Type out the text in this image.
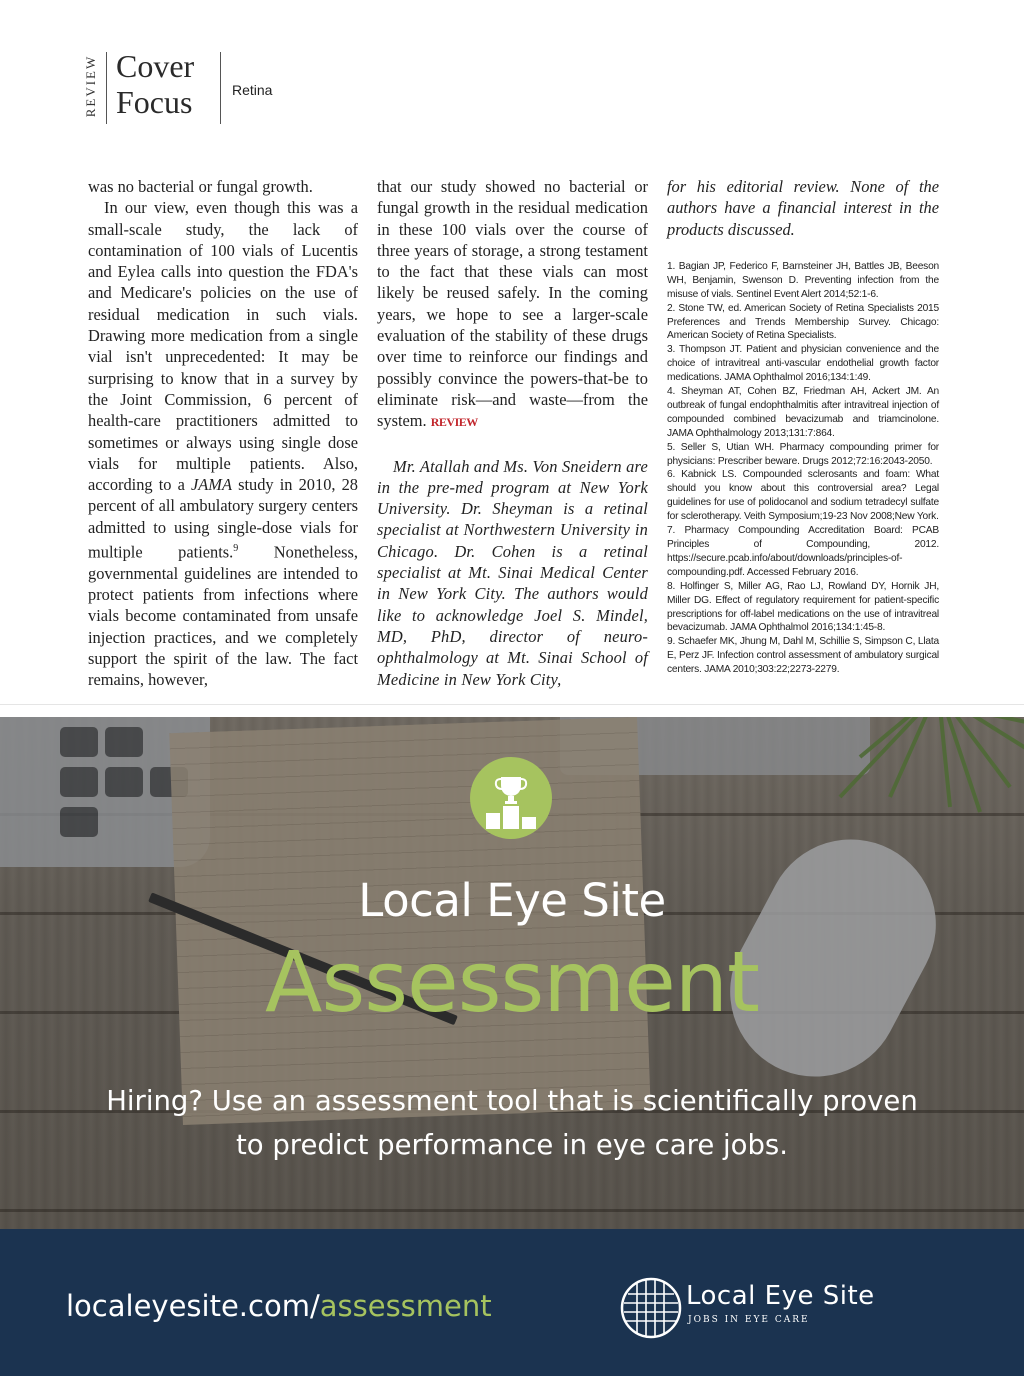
REVIEW Cover
Focus	Retina

was no bacterial or fungal growth.

In our view, even though this was a small-scale study, the lack of contamination of 100 vials of Lucentis and Eylea calls into question the FDA's and Medicare's policies on the use of residual medication in such vials. Drawing more medication from a single vial isn't unprecedented: It may be surprising to know that in a survey by the Joint Commission, 6 percent of health-care practitioners admitted to sometimes or always using single dose vials for multiple patients. Also, according to a JAMA study in 2010, 28 percent of all ambulatory surgery centers admitted to using single-dose vials for multiple patients.$^9$ Nonetheless, governmental guidelines are intended to protect patients from infections where vials become contaminated from unsafe injection practices, and we completely support the spirit of the law. The fact remains, however,

that our study showed no bacterial or fungal growth in the residual medication in these 100 vials over the course of three years of storage, a strong testament to the fact that these vials can most likely be reused safely. In the coming years, we hope to see a larger-scale evaluation of the stability of these drugs over time to reinforce our findings and possibly convince the powers-that-be to eliminate risk—and waste—from the system. REVIEW

Mr. Atallah and Ms. Von Sneidern are in the pre-med program at New York University. Dr. Sheyman is a retinal specialist at Northwestern University in Chicago. Dr. Cohen is a retinal specialist at Mt. Sinai Medical Center in New York City. The authors would like to acknowledge Joel S. Mindel, MD, PhD, director of neuro-ophthalmology at Mt. Sinai School of Medicine in New York City,

for his editorial review. None of the authors have a financial interest in the products discussed.

1. Bagian JP, Federico F, Barnsteiner JH, Battles JB, Beeson WH, Benjamin, Swenson D. Preventing infection from the misuse of vials. Sentinel Event Alert 2014;52:1-6.
2. Stone TW, ed. American Society of Retina Specialists 2015 Preferences and Trends Membership Survey. Chicago: American Society of Retina Specialists.
3. Thompson JT. Patient and physician convenience and the choice of intravitreal anti-vascular endothelial growth factor medications. JAMA Ophthalmol 2016;134:1:49.
4. Sheyman AT, Cohen BZ, Friedman AH, Ackert JM. An outbreak of fungal endophthalmitis after intravitreal injection of compounded combined bevacizumab and triamcinolone. JAMA Ophthalmology 2013;131:7:864.
5. Seller S, Utian WH. Pharmacy compounding primer for physicians: Prescriber beware. Drugs 2012;72:16:2043-2050.
6. Kabnick LS. Compounded sclerosants and foam: What should you know about this controversial area? Legal guidelines for use of polidocanol and sodium tetradecyl sulfate for sclerotherapy. Veith Symposium;19-23 Nov 2008;New York.
7. Pharmacy Compounding Accreditation Board: PCAB Principles of Compounding, 2012. https://secure.pcab.info/about/downloads/principles-of-compounding.pdf. Accessed February 2016.
8. Holfinger S, Miller AG, Rao LJ, Rowland DY, Hornik JH, Miller DG. Effect of regulatory requirement for patient-specific prescriptions for off-label medications on the use of intravitreal bevacizumab. JAMA Ophthalmol 2016;134:1:45-8.
9. Schaefer MK, Jhung M, Dahl M, Schillie S, Simpson C, Llata E, Perz JF. Infection control assessment of ambulatory surgical centers. JAMA 2010;303:22;2273-2279.
Local Eye Site
Assessment
Hiring? Use an assessment tool that is scientifically proven
to predict performance in eye care jobs.
localeyesite.com/assessment	Local Eye Site
JOBS IN EYE CARE
